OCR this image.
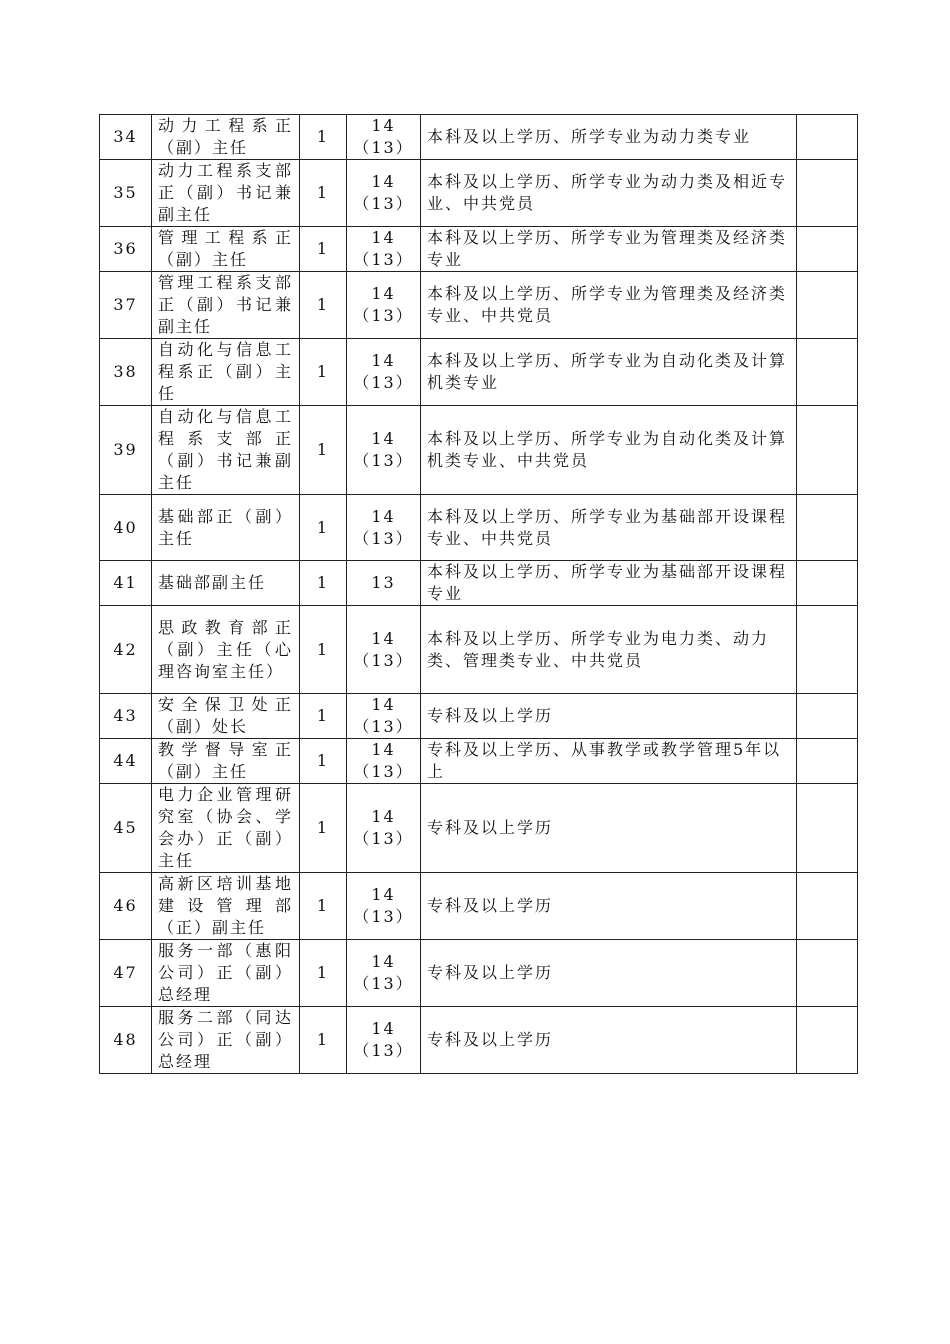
34	动力工程系正（副）主任	1	14（13）	本科及以上学历、所学专业为动力类专业	
35	动力工程系支部正（副）书记兼副主任	1	14（13）	本科及以上学历、所学专业为动力类及相近专业、中共党员	
36	管理工程系正（副）主任	1	14（13）	本科及以上学历、所学专业为管理类及经济类专业	
37	管理工程系支部正（副）书记兼副主任	1	14（13）	本科及以上学历、所学专业为管理类及经济类专业、中共党员	
38	自动化与信息工程系正（副）主任	1	14（13）	本科及以上学历、所学专业为自动化类及计算机类专业	
39	自动化与信息工程系支部正（副）书记兼副主任	1	14（13）	本科及以上学历、所学专业为自动化类及计算机类专业、中共党员	
40	基础部正（副）主任	1	14（13）	本科及以上学历、所学专业为基础部开设课程专业、中共党员	
41	基础部副主任	1	13	本科及以上学历、所学专业为基础部开设课程专业	
42	思政教育部正（副）主任（心理咨询室主任）	1	14（13）	本科及以上学历、所学专业为电力类、动力类、管理类专业、中共党员	
43	安全保卫处正（副）处长	1	14（13）	专科及以上学历	
44	教学督导室正（副）主任	1	14（13）	专科及以上学历、从事教学或教学管理5年以上	
45	电力企业管理研究室（协会、学会办）正（副）主任	1	14（13）	专科及以上学历	
46	高新区培训基地建设管理部（正）副主任	1	14（13）	专科及以上学历	
47	服务一部（惠阳公司）正（副）总经理	1	14（13）	专科及以上学历	
48	服务二部（同达公司）正（副）总经理	1	14（13）	专科及以上学历	
